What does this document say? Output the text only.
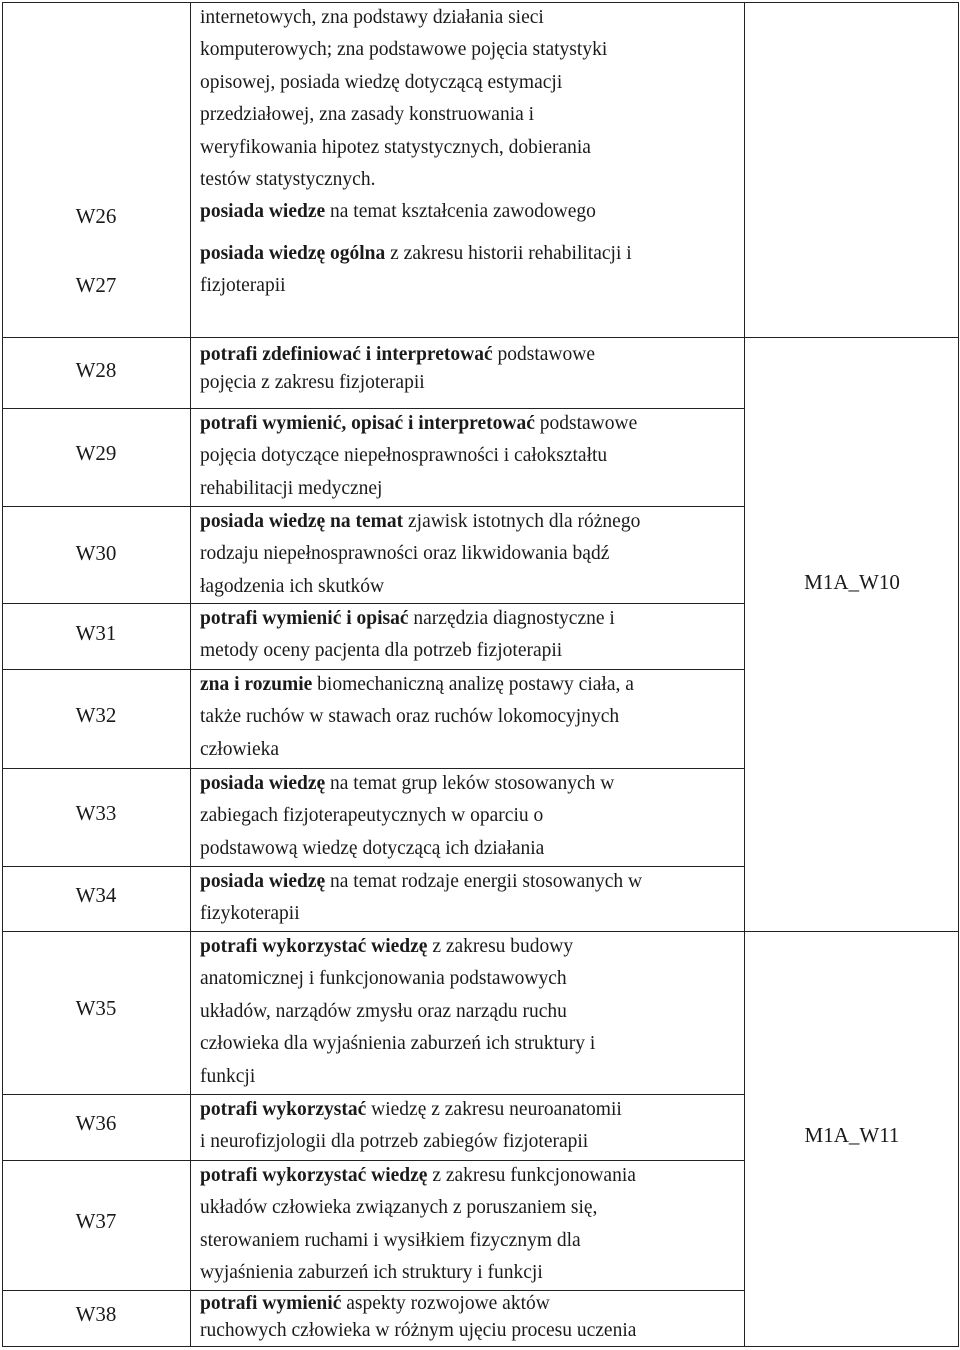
W26
W27
W28
W29
W30
W31
W32
W33
W34
W35
W36
W37
W38
internetowych, zna podstawy działania sieci
komputerowych; zna podstawowe pojęcia statystyki
opisowej, posiada wiedzę dotyczącą estymacji
przedziałowej, zna zasady konstruowania i
weryfikowania hipotez statystycznych, dobierania
testów statystycznych.
posiada wiedze na temat kształcenia zawodowego
posiada wiedzę ogólna z zakresu historii rehabilitacji i
fizjoterapii
potrafi zdefiniować i interpretować podstawowe
pojęcia z zakresu fizjoterapii
potrafi wymienić, opisać i interpretować podstawowe
pojęcia dotyczące niepełnosprawności i całokształtu
rehabilitacji medycznej
posiada wiedzę na temat zjawisk istotnych dla różnego
rodzaju niepełnosprawności oraz likwidowania bądź
łagodzenia ich skutków
potrafi wymienić i opisać narzędzia diagnostyczne i
metody oceny pacjenta dla potrzeb fizjoterapii
zna i rozumie biomechaniczną analizę postawy ciała, a
także ruchów w stawach oraz ruchów lokomocyjnych
człowieka
posiada wiedzę na temat grup leków stosowanych w
zabiegach fizjoterapeutycznych w oparciu o
podstawową wiedzę dotyczącą ich działania
posiada wiedzę na temat rodzaje energii stosowanych w
fizykoterapii
potrafi wykorzystać wiedzę z zakresu budowy
anatomicznej i funkcjonowania podstawowych
układów, narządów zmysłu oraz narządu ruchu
człowieka dla wyjaśnienia zaburzeń ich struktury i
funkcji
potrafi wykorzystać wiedzę z zakresu neuroanatomii
i neurofizjologii dla potrzeb zabiegów fizjoterapii
potrafi wykorzystać wiedzę z zakresu funkcjonowania
układów człowieka związanych z poruszaniem się,
sterowaniem ruchami i wysiłkiem fizycznym dla
wyjaśnienia zaburzeń ich struktury i funkcji
potrafi wymienić aspekty rozwojowe aktów
ruchowych człowieka w różnym ujęciu procesu uczenia
M1A_W10
M1A_W11
